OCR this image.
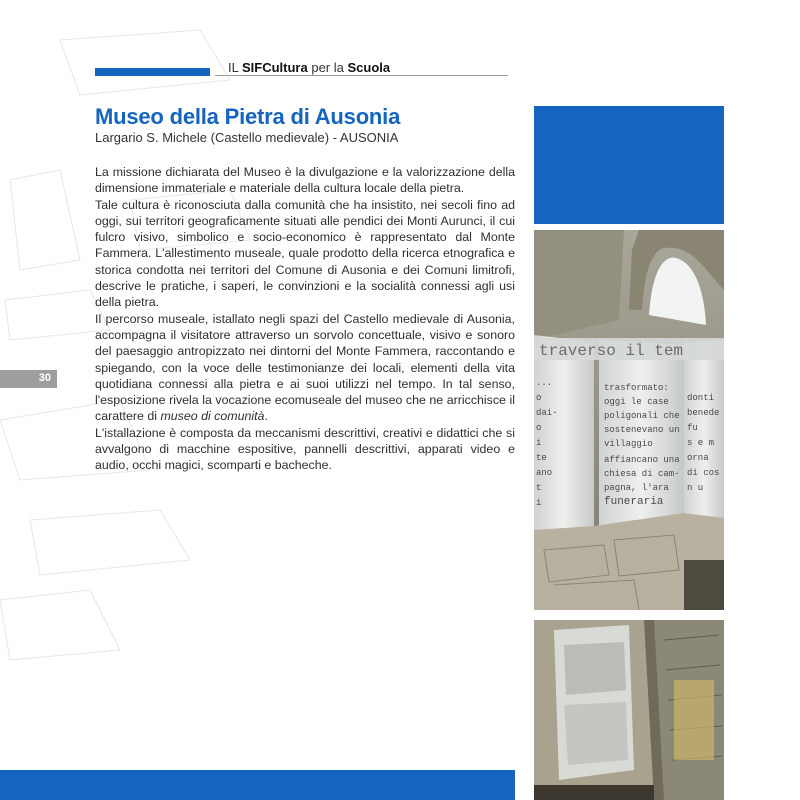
IL SIFCultura per la Scuola
Museo della Pietra di Ausonia
Largario S. Michele (Castello medievale) - AUSONIA

La missione dichiarata del Museo è la divulgazione e la valorizzazione della dimensione immateriale e materiale della cultura locale della pietra.

Tale cultura è riconosciuta dalla comunità che ha insistito, nei secoli fino ad oggi, sui territori geograficamente situati alle pendici dei Monti Aurunci, il cui fulcro visivo, simbolico e socio-economico è rappresentato dal Monte Fammera. L'allestimento museale, quale prodotto della ricerca etnografica e storica condotta nei territori del Comune di Ausonia e dei Comuni limitrofi, descrive le pratiche, i saperi, le convinzioni e la socialità connessi agli usi della pietra.

Il percorso museale, istallato negli spazi del Castello medievale di Ausonia, accompagna il visitatore attraverso un sorvolo concettuale, visivo e sonoro del paesaggio antropizzato nei dintorni del Monte Fammera, raccontando e spiegando, con la voce delle testimonianze dei locali, elementi della vita quotidiana connessi alla pietra e ai suoi utilizzi nel tempo. In tal senso, l'esposizione rivela la vocazione ecomuseale del museo che ne arricchisce il carattere di museo di comunità.

L'istallazione è composta da meccanismi descrittivi, creativi e didattici che si avvalgono di macchine espositive, pannelli descrittivi, apparati video e audio, occhi magici, scomparti e bacheche.

30
traverso il tem
...
o
dai-
o
i
te
ano
t
i
trasformato:
oggi le case
poligonali che
sostenevano un
villaggio
affiancano una
chiesa di cam-
pagna, l'ara
funeraria
donti
benede
fu
s e m
orna
di cos
n u
